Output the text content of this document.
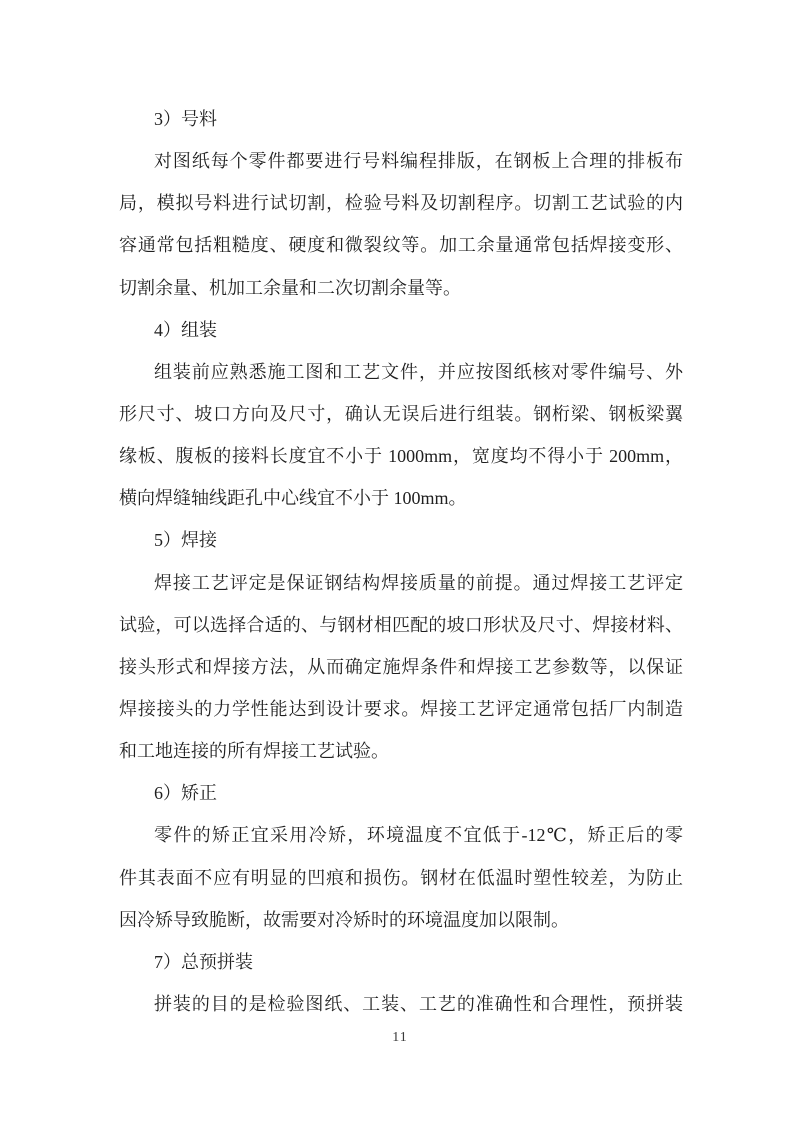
3）号料
对图纸每个零件都要进行号料编程排版，在钢板上合理的排板布
局，模拟号料进行试切割，检验号料及切割程序。切割工艺试验的内
容通常包括粗糙度、硬度和微裂纹等。加工余量通常包括焊接变形、
切割余量、机加工余量和二次切割余量等。
4）组装
组装前应熟悉施工图和工艺文件，并应按图纸核对零件编号、外
形尺寸、坡口方向及尺寸，确认无误后进行组装。钢桁梁、钢板梁翼
缘板、腹板的接料长度宜不小于 1000mm，宽度均不得小于 200mm，
横向焊缝轴线距孔中心线宜不小于 100mm。
5）焊接
焊接工艺评定是保证钢结构焊接质量的前提。通过焊接工艺评定
试验，可以选择合适的、与钢材相匹配的坡口形状及尺寸、焊接材料、
接头形式和焊接方法，从而确定施焊条件和焊接工艺参数等，以保证
焊接接头的力学性能达到设计要求。焊接工艺评定通常包括厂内制造
和工地连接的所有焊接工艺试验。
6）矫正
零件的矫正宜采用冷矫，环境温度不宜低于-12℃，矫正后的零
件其表面不应有明显的凹痕和损伤。钢材在低温时塑性较差，为防止
因冷矫导致脆断，故需要对冷矫时的环境温度加以限制。
7）总预拼装
拼装的目的是检验图纸、工装、工艺的准确性和合理性，预拼装
11
